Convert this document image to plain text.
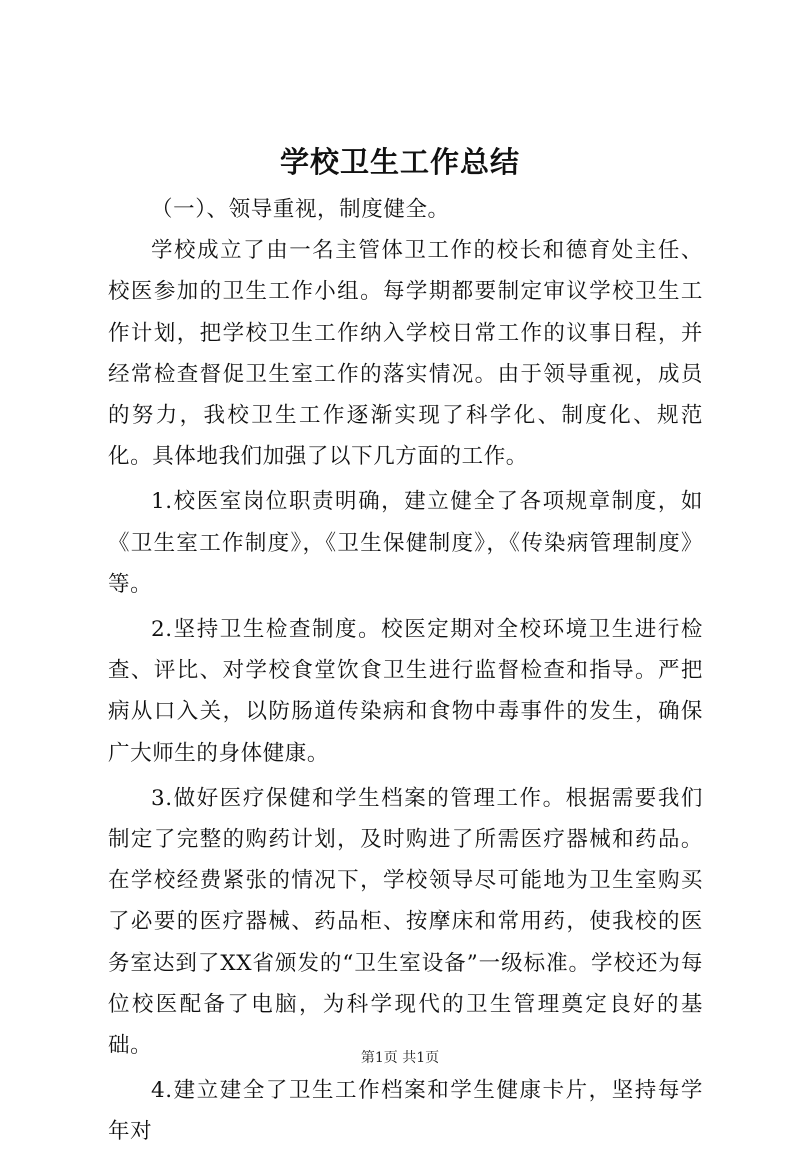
学校卫生工作总结

（一）、领导重视，制度健全。

学校成立了由一名主管体卫工作的校长和德育处主任、校医参加的卫生工作小组。每学期都要制定审议学校卫生工作计划，把学校卫生工作纳入学校日常工作的议事日程，并经常检查督促卫生室工作的落实情况。由于领导重视，成员的努力，我校卫生工作逐渐实现了科学化、制度化、规范化。具体地我们加强了以下几方面的工作。

1.校医室岗位职责明确，建立健全了各项规章制度，如《卫生室工作制度》，《卫生保健制度》，《传染病管理制度》等。

2.坚持卫生检查制度。校医定期对全校环境卫生进行检查、评比、对学校食堂饮食卫生进行监督检查和指导。严把病从口入关，以防肠道传染病和食物中毒事件的发生，确保广大师生的身体健康。

3.做好医疗保健和学生档案的管理工作。根据需要我们制定了完整的购药计划，及时购进了所需医疗器械和药品。在学校经费紧张的情况下，学校领导尽可能地为卫生室购买了必要的医疗器械、药品柜、按摩床和常用药，使我校的医务室达到了XX省颁发的“卫生室设备”一级标准。学校还为每位校医配备了电脑，为科学现代的卫生管理奠定良好的基础。

4.建立建全了卫生工作档案和学生健康卡片，坚持每学年对

第1页 共1页
